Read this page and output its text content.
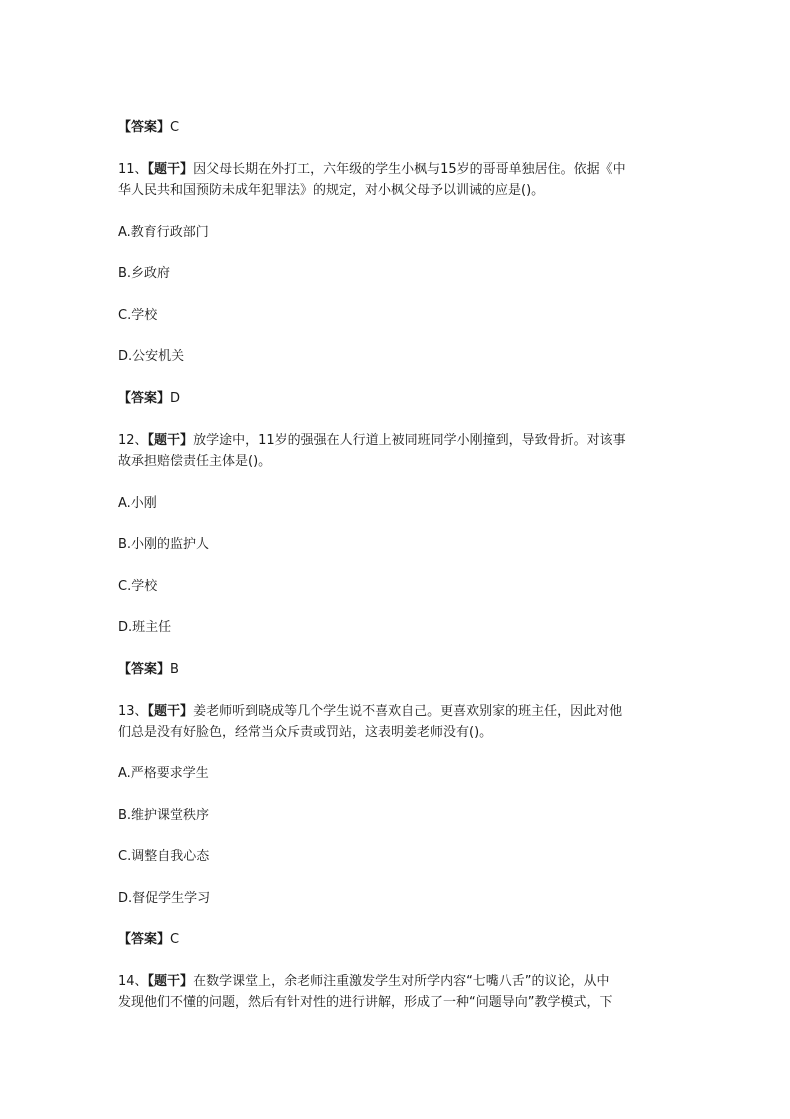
【答案】C
11、【题干】因父母长期在外打工，六年级的学生小枫与15岁的哥哥单独居住。依据《中
华人民共和国预防未成年犯罪法》的规定，对小枫父母予以训诫的应是()。
A.教育行政部门
B.乡政府
C.学校
D.公安机关
【答案】D
12、【题干】放学途中，11岁的强强在人行道上被同班同学小刚撞到，导致骨折。对该事
故承担赔偿责任主体是()。
A.小刚
B.小刚的监护人
C.学校
D.班主任
【答案】B
13、【题干】姜老师听到晓成等几个学生说不喜欢自己。更喜欢别家的班主任，因此对他
们总是没有好脸色，经常当众斥责或罚站，这表明姜老师没有()。
A.严格要求学生
B.维护课堂秩序
C.调整自我心态
D.督促学生学习
【答案】C
14、【题干】在数学课堂上，余老师注重激发学生对所学内容“七嘴八舌”的议论，从中
发现他们不懂的问题，然后有针对性的进行讲解，形成了一种“问题导向”教学模式，下
